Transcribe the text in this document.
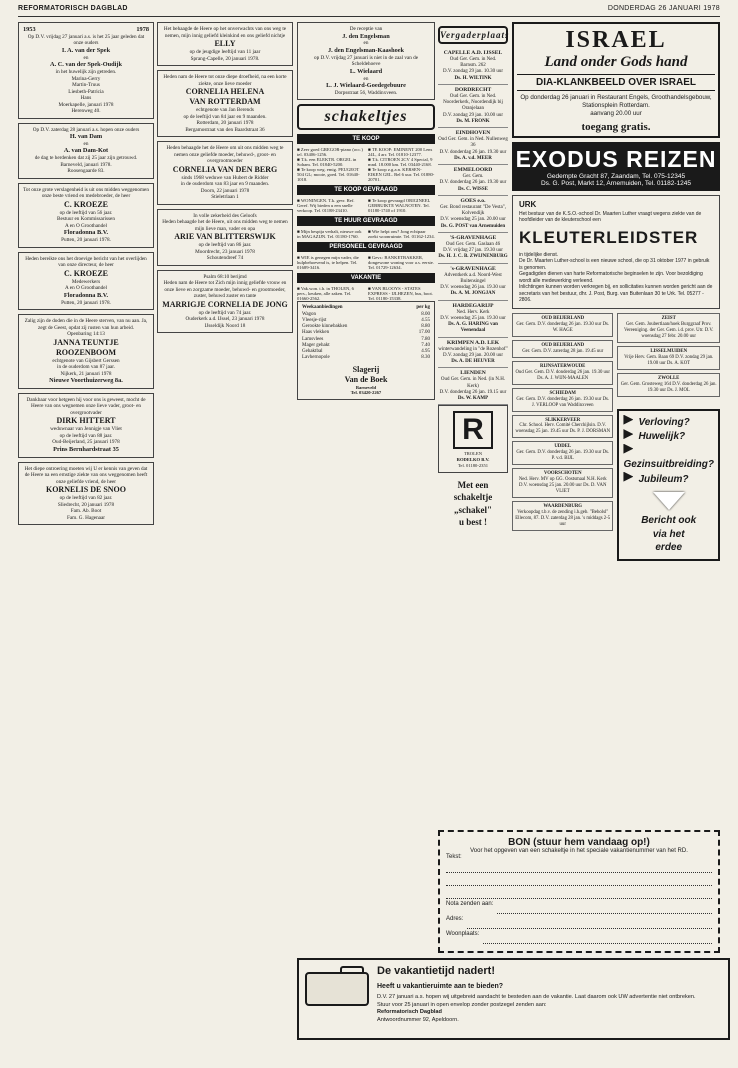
REFORMATORISCH DAGBLAD	DONDERDAG 26 JANUARI 1978
1953	1978
Op D.V. vrijdag 27 januari a.s. is het 25 jaar geleden dat onze ouders
I. A. van der Spek
en
A. C. van der Spek-Oudijk
in het huwelijk zijn getreden.
Marina-Gerry
Martin-Truus
Liesbeth-Patricia
Hans
Moerkapelle, januari 1978
Herenweg 40.
Op D.V. zaterdag 28 januari a.s. hopen onze ouders
H. van Dam
en
A. van Dam-Kot
de dag te herdenken dat zij 25 jaar zijn getrouwd.
Barneveld, januari 1978.
Roosengaarde 83.
Tot onze grote verslagenheid is uit ons midden weggenomen onze beste vriend en medebroeder, de heer
C. KROEZE
op de leeftijd van 56 jaar.
Bestuur en Kommissarissen
A en O Groothandel
Floradonna B.V.
Putten, 20 januari 1978.
Heden bereikte ons het droevige bericht van het overlijden van onze directeur, de heer
C. KROEZE
Medewerkers
A en O Groothandel
Floradonna B.V.
Putten, 20 januari 1978.
Zalig zijn de doden die in de Heere sterven, van nu aan. Ja, zegt de Geest, opdat zij rusten van hun arbeid.
Openbaring 14:13
JANNA TEUNTJE
ROOZENBOOM
echtgenote van Gijsbert Gerssen
in de ouderdom van 87 jaar.
Nijkerk, 21 januari 1978
Nieuwe Voorthuizerweg 8a.
Dankbaar voor hetgeen hij voor ons is geweest, mocht de Heere van ons wegnemen onze lieve vader, groot- en overgrootvader
DIRK HITTERT
weduwnaar van Jennigje van Vliet
op de leeftijd van 88 jaar.
Oud-Beijerland, 25 januari 1978
Prins Bernhardstraat 35
Het diepe ontroering moeten wij U er kennis van geven dat de Heere na een ernstige ziekte van ons weggenomen heeft onze geliefde vriend, de heer
KORNELIS DE SNOO
op de leeftijd van 82 jaar.
Sliedrecht, 20 januari 1978
Fam. Ab. Boot
Fam. G. Hagenaar
Het behaagde de Heere op het onverwachts van ons weg te nemen, mijn innig geliefd kleinkind en ons geliefd nichtje
ELLY
op de jeugdige leeftijd van 11 jaar
Sprang-Capelle, 20 januari 1978.
Heden nam de Heere tot onze diepe droefheid, na een korte ziekte, onze lieve moeder
CORNELIA HELENA
VAN ROTTERDAM
echtgenote van Jan Berends
op de leeftijd van 84 jaar en 9 maanden.
Rotterdam, 20 januari 1978
Bergamostraat van den Baardstraat 36
Heden behaagde het de Heere om uit ons midden weg te nemen onze geliefde moeder, behuwd-, groot- en overgrootmoeder
CORNELIA VAN DEN BERG
sinds 1968 weduwe van Hubert de Ridder
in de ouderdom van 83 jaar en 9 maanden.
Doorn, 22 januari 1978
Stieletrlaan 1
In volle zekerheid des Geloofs
Heden behaagde het de Heere, uit ons midden weg te nemen mijn lieve man, vader en opa
ARIE VAN BLITTERSWIJK
op de leeftijd van 86 jaar.
Moordrecht, 23 januari 1978
Schoutendreef 74
Psalm 68:10 berijmd
Heden nam de Heere tot Zich mijn innig geliefde vrouw en onze lieve en zorgzame moeder, behuwd- en grootmoeder, zuster, behuwd zuster en tante
MARRIGJE CORNELIA DE JONG
op de leeftijd van 74 jaar.
Ouderkerk a.d. IJssel, 23 januari 1978
IJsseldijk Noord 18
De receptie van
J. den Engelsman
en
J. den Engelsman-Kaashoek
op D.V. vrijdag 27 januari is niet in de zaal van de Scheldehoeve
L. Wielaard
en
L. J. Wielaard-Goedegebuure
Dorpsstraat 56, Waddinxveen.
schakeltjes
TE KOOP
■ Zeer goed GREGOR-piano (occ.) tel. 03406-1256.
■ T.k. een ELEKTR. ORGEL in Soham. Tel. 01840-5200.
■ Te koop weg. emig. PEUGEOT 504 GL; mooie, goed. Tel. 01640-1018.
■ TE KOOP: EMINENT 200 Lens 24L, 4 arr. Tel. 01810-12377.
■ T.k. CITROEN 2CV 4 Special, 9 mnd. 18.000 km. Tel. 03440-2168.
■ Te koop z.g.a.n. KERSEN-EIKEN GEL. Bel 6 uur. Tel. 01880-20701.
TE KOOP GEVRAAGD
■ WONINGEN. T.k. gevr. Ref. Geref. Wij bieden u een snelle verkoop. Tel. 01188-23410.
■ Te koop gevraagd ORIGINEEL GEBRUIKTE WALNOTEN. Tel. 01180-1740 of 1910.
TE HUUR GEVRAAGD
■ Mijn bespija verhalt, nieuwe ook in MAGAZIJN. Tel. 01180-1760.
■ Wie helpt ons? Jong echtpaar zoekt woonruimte. Tel. 01162-1234.
PERSONEEL GEVRAAGD
■ WIE is genegen mijn vader, die hulpbehoevend is, te helpen. Tel. 01689-3416.
■ Gevr.: BANKETBAKKER, dongewone woning voor a.s. eerste. Tel. 01729-12634.
VAKANTIE
■ Vak.won. t.h. in THOLEN, 6 pers., keuken, alle zaken. Tel. 01660-2562.
■ VAN BLOOYS - STATES EXPRESS - IJLHEZEN, bus, boot. Tel. 01180-15338.
Weekaanbiedingen	per kg
Wagon	8.00
Vleesje-rijst	4.55
Gerookte kinnebakken	8.80
Haas vlekken	17.00
Lamsvlees	7.80
Mager gehakt	7.40
Gehaktbal	4.95
Lavhernopole	8.30
Slagerij
Van de Boek
Barneveld
Tel. 03420-2267
Vergaderplaats
CAPELLE A.D. IJSSEL
Oud Ger. Gem. in Ned.
Barnsm. 262
D.V. zondag 29 jan. 10.30 uur
Ds. H. WILTINK
DORDRECHT
Oud Ger. Gem. in Ned. Noorderkerk, Noordendijk bij Oranjelaan
D.V. zondag 29 jan. 10.00 uur
Ds. M. FRONK
EINDHOVEN
Oud Ger. Gem. in Ned. Nullenweg 36
D.V. donderdag 26 jan. 19.30 uur
Ds. A. v.d. MEER
EMMELOORD
Ger. Gem.
D.V. donderdag 26 jan. 19.30 uur
Ds. C. WISSE
GOES e.o.
Ger. Bond restaurant "De Vesta", Kolvendijk
D.V. woensdag 25 jan. 20.00 uur
Ds. G. POST van Arnemuiden
'S-GRAVENHAGE
Oud Ger. Gem. Gaslaan 46
D.V. vrijdag 27 jan. 19.30 uur
Ds. H. J. C. B. ZWIJNENBURG
's-GRAVENHAGE
Adventkerk a.d. Noord-West Buitensingel
D.V. woensdag 26 jan. 19.30 uur
Ds. A. M. JONGJAN
HARDEGARIJP
Ned. Herv. Kerk
D.V. woensdag 25 jan. 19.30 uur
Ds. A. G. HARING van Veenendaal
KRIMPEN A.D. LEK
winterwandeling in "de Rozenhof"
D.V. zondag 29 jan. 20.00 uur
Ds. A. DE HEUVER
LIENDEN
Oud Ger. Gem. in Ned. (in N.H. Kerk)
D.V. donderdag 26 jan. 19.15 uur
Ds. W. KAMP
R
TROLEN
RODELKO B.V.
Tel. 01180-2351
Met een
schakeltje
„schakel"
u best !
ISRAEL
Land onder Gods hand
DIA-KLANKBEELD OVER ISRAEL
Op donderdag 26 januari in Restaurant Engels, Groothandelsgebouw, Stationsplein Rotterdam.
aanvang 20.00 uur
toegang gratis.
EXODUS REIZEN
Gedempte Gracht 87, Zaandam, Tel. 075-12345
Ds. G. Post, Markt 12, Arnemuiden, Tel. 01182-1245
URK
Het bestuur van de K.S.O.-school Dr. Maarten Luther vraagt wegens ziekte van de hoofdleider van de kleuterschool een
KLEUTERLEIDSTER
in tijdelijke dienst.
De Dr. Maarten Luther-school is een nieuwe school, die op 31 oktober 1977 in gebruik is genomen.
Gegadigden dienen van harte Reformatorische beginselen te zijn. Voor bezoldiging wordt alle medewerking verleend.
Inlichtingen kunnen worden verkregen bij, en sollicitaties kunnen worden gericht aan de secretaris van het bestuur, dhr. J. Post, Burg. van Buitenlaan 30 te Urk. Tel. 05277 - 2806.
OUD BEIJERLAND
Ger. Gem. D.V. donderdag 26 jan. 19.30 uur Ds. W. HAGE
OUD BEIJERLAND
Ger. Gem. D.V. zaterdag 28 jan. 19.45 uur
RIJNSATERWOUDE
Oud Ger. Gem. D.V. donderdag 26 jan. 19.30 uur Ds. A. J. WIJN-MAALEN
SCHIEDAM
Ger. Gem. D.V. donderdag 26 jan. 19.30 uur Ds. J. VERLOOP van Waddinxveen
SLIKKERVEER
Chr. School. Herv. Comité Cherchijlsin. D.V. woensdag 25 jan. 19.45 uur Ds. P. J. DORSMAN
UDDEL
Ger. Gem. D.V. donderdag 26 jan. 19.30 uur Ds. P. v.d. BIJL
VOORSCHOTEN
Ned. Herv. MV op GG. Oostsmaal N.H. Kerk D.V. woensdag 25 jan. 20.00 uur Ds. D. VAN VLIET
WAARDENBURG
Verkoopdag t.b.v. de zending i.h.geb. "Beholsl" Ellecom, 87. D.V. zaterdag 28 jan. 's middags 2-5 uur
ZEIST
Ger. Gem. Joubertlaan/hoek Burggraaf Prov. Vereeniging. der Ger. Gem. i.d. prov. Utr. D.V. woensdag 27 febr. 20.00 uur
LISSELMUIDEN
Vrije Herv. Gem. Baan 69 D.V. zondag 29 jan. 19.00 uur Ds. A. KOT
ZWOLLE
Ger. Gem. Grosteweg 164 D.V. donderdag 26 jan. 19.30 uur Ds. J. MOL
Verloving?
Huwelijk?
Gezinsuitbreiding?
Jubileum?
Bericht ook
via het
erdee
BON (stuur hem vandaag op!)
Voor het opgeven van een schakeltje in het speciale vakantienummer van het RD.
Tekst:
Nota zenden aan:
Adres:
Woonplaats:
De vakantietijd nadert!
Heeft u vakantieruimte aan te bieden?
D.V. 27 januari a.s. hopen wij uitgebreid aandacht te besteden aan de vakantie. Laat daarom ook UW advertentie niet ontbreken.
Stuur voor 25 januari in open envelop zonder postzegel zenden aan:
Reformatorisch Dagblad
Antwoordnummer 92, Apeldoorn.
